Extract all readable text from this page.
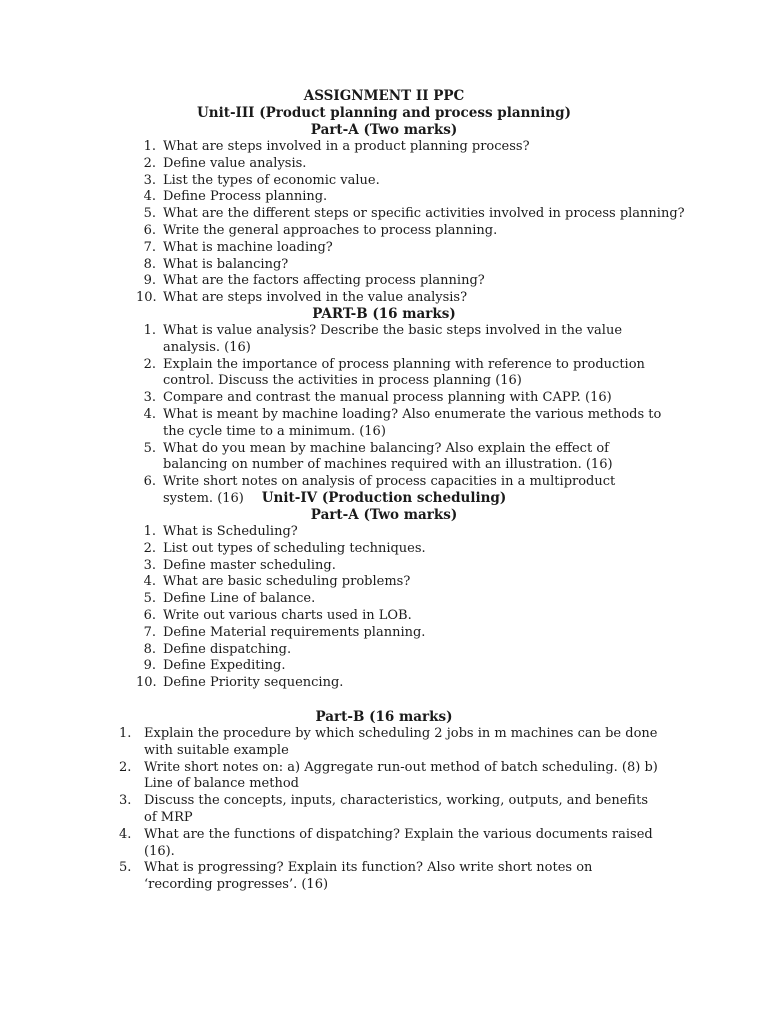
ASSIGNMENT II PPC
Unit-III (Product planning and process planning)
Part-A (Two marks)
1. What are steps involved in a product planning process?
2. Define value analysis.
3. List the types of economic value.
4. Define Process planning.
5. What are the different steps or specific activities involved in process planning?
6. Write the general approaches to process planning.
7. What is machine loading?
8. What is balancing?
9. What are the factors affecting process planning?
10. What are steps involved in the value analysis?
PART-B (16 marks)
1. What is value analysis? Describe the basic steps involved in the value analysis. (16)
2. Explain the importance of process planning with reference to production control. Discuss the activities in process planning (16)
3. Compare and contrast the manual process planning with CAPP. (16)
4. What is meant by machine loading? Also enumerate the various methods to the cycle time to a minimum. (16)
5. What do you mean by machine balancing? Also explain the effect of balancing on number of machines required with an illustration. (16)
6. Write short notes on analysis of process capacities in a multiproduct system. (16)	Unit-IV (Production scheduling)
Part-A (Two marks)
1. What is Scheduling?
2. List out types of scheduling techniques.
3. Define master scheduling.
4. What are basic scheduling problems?
5. Define Line of balance.
6. Write out various charts used in LOB.
7. Define Material requirements planning.
8. Define dispatching.
9. Define Expediting.
10. Define Priority sequencing.
Part-B (16 marks)
1. Explain the procedure by which scheduling 2 jobs in m machines can be done with suitable example
2. Write short notes on: a) Aggregate run-out method of batch scheduling. (8) b) Line of balance method
3. Discuss the concepts, inputs, characteristics, working, outputs, and benefits of MRP
4. What are the functions of dispatching? Explain the various documents raised (16).
5. What is progressing? Explain its function? Also write short notes on ‘recording progresses’. (16)
